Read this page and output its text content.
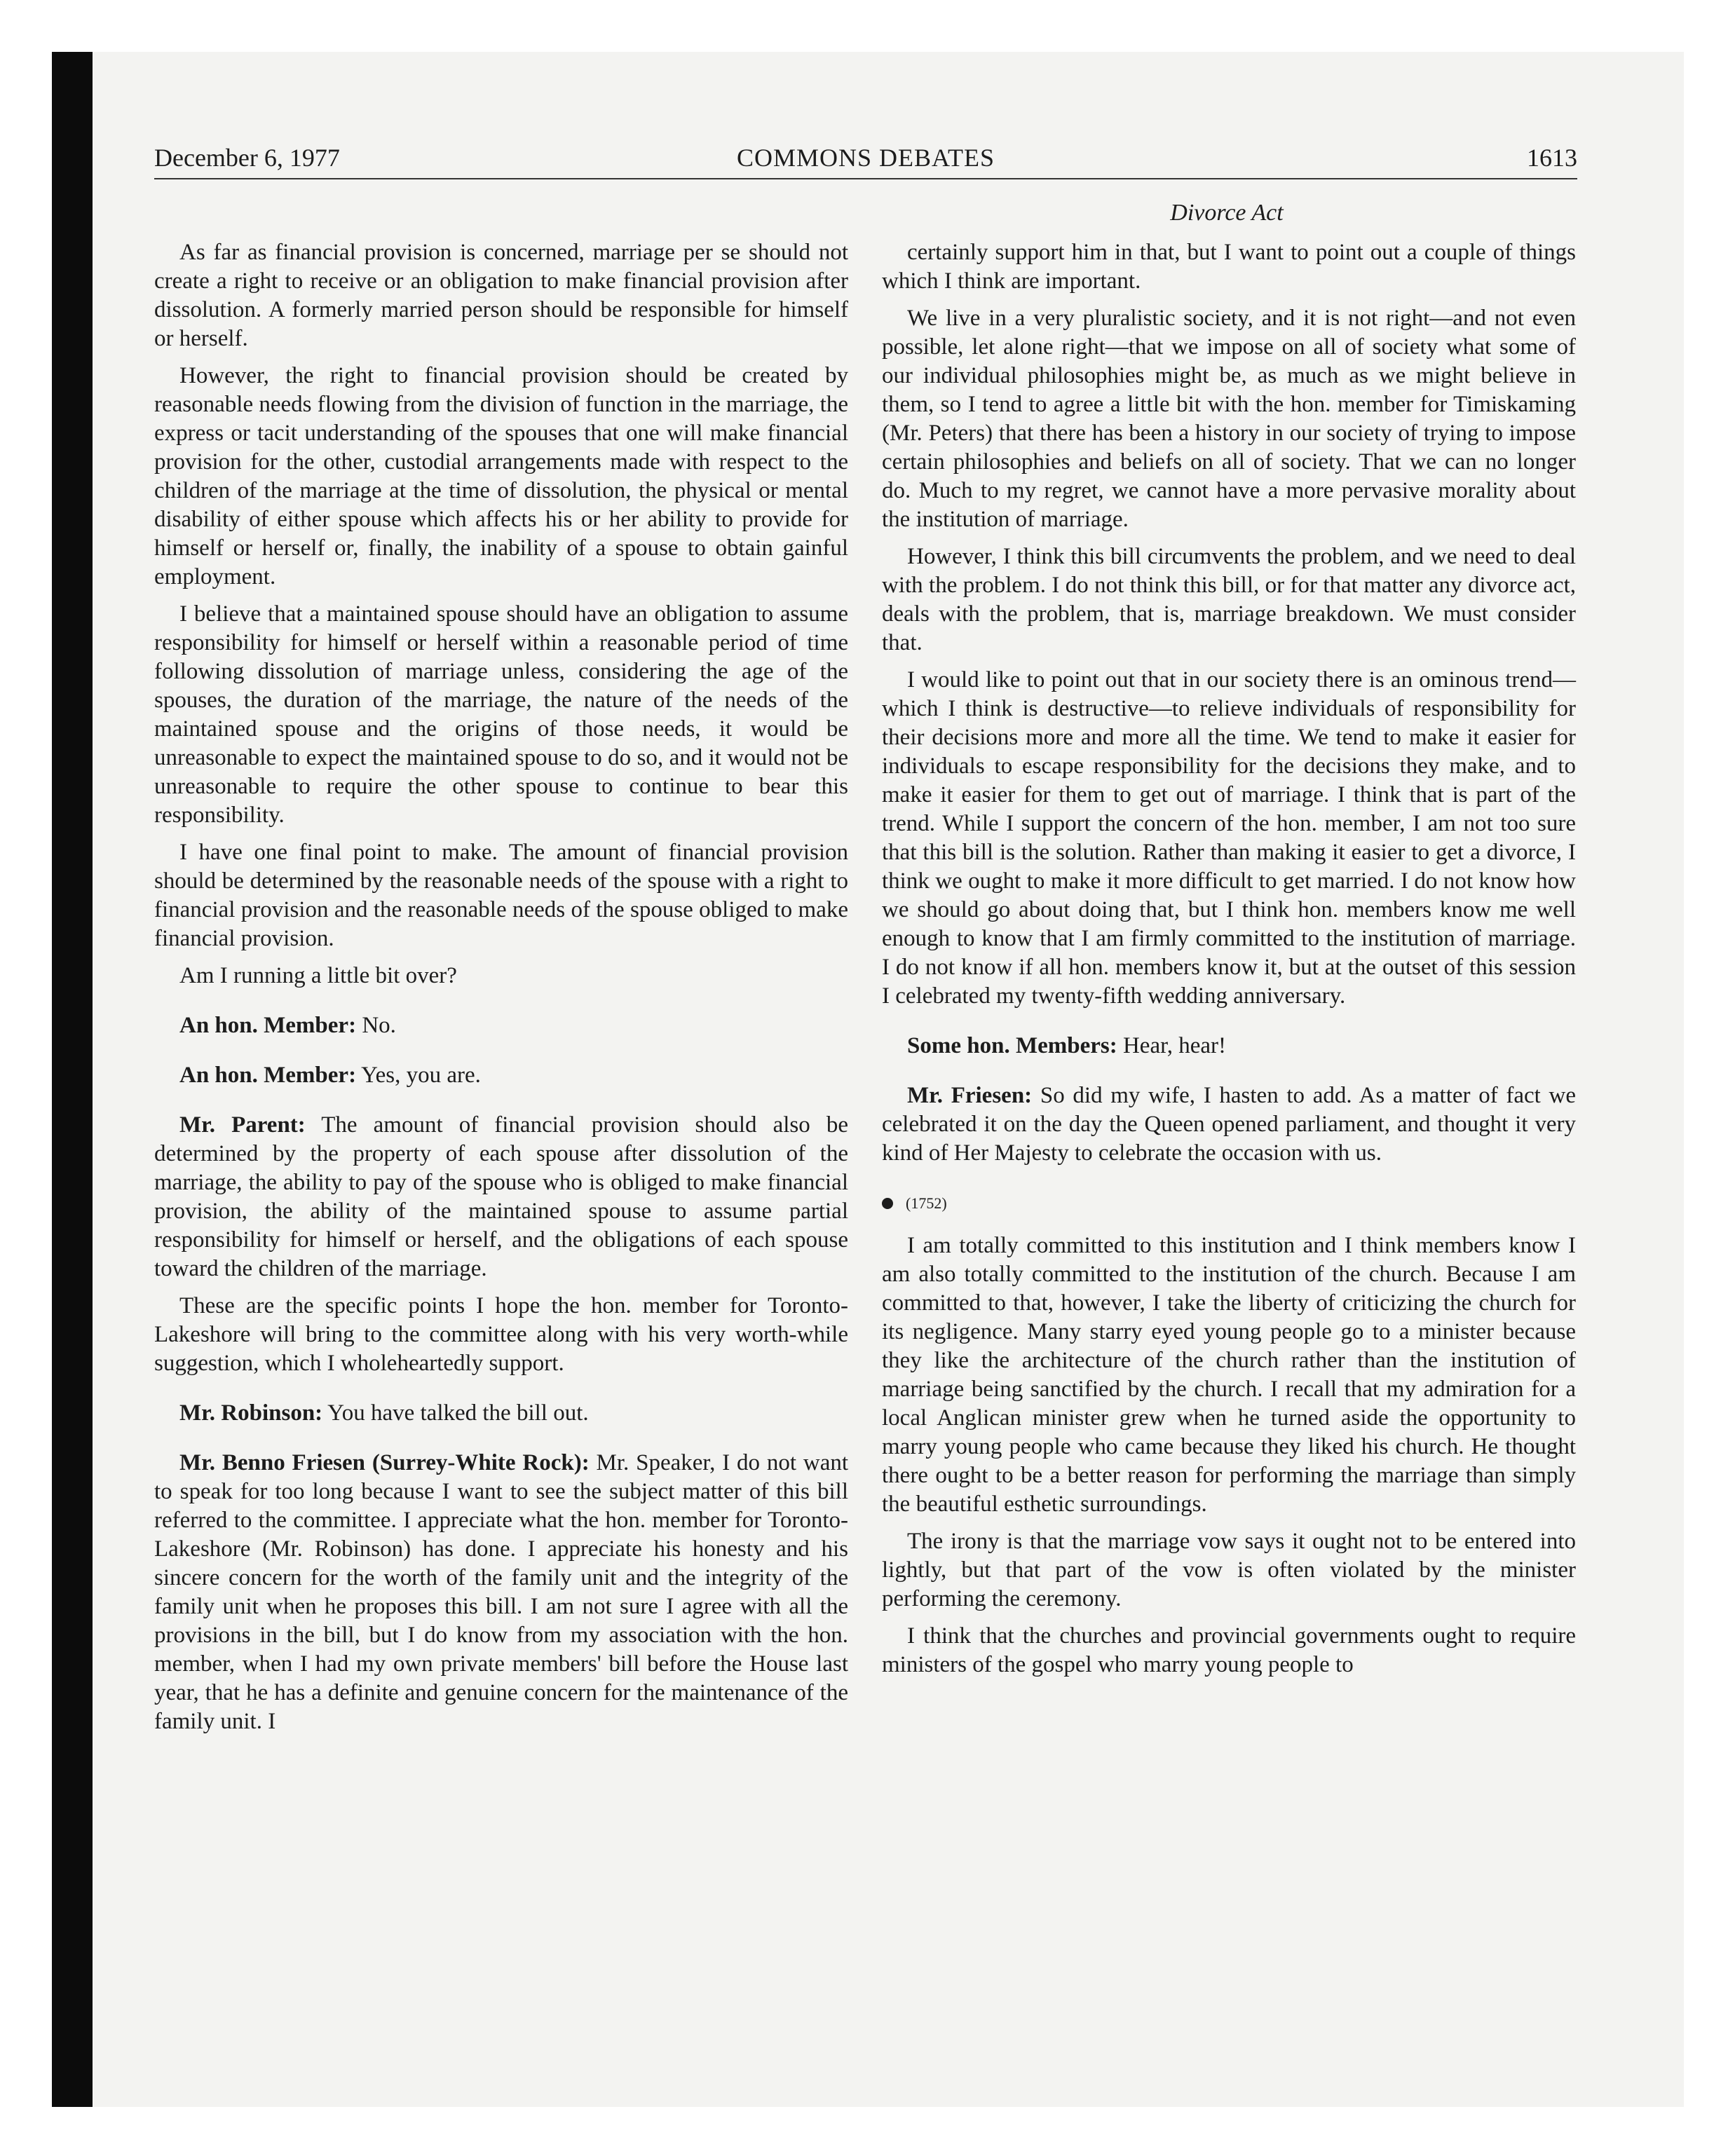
December 6, 1977	COMMONS DEBATES	1613
Divorce Act

As far as financial provision is concerned, marriage per se should not create a right to receive or an obligation to make financial provision after dissolution. A formerly married person should be responsible for himself or herself.

However, the right to financial provision should be created by reasonable needs flowing from the division of function in the marriage, the express or tacit understanding of the spouses that one will make financial provision for the other, custodial arrangements made with respect to the children of the marriage at the time of dissolution, the physical or mental disability of either spouse which affects his or her ability to provide for himself or herself or, finally, the inability of a spouse to obtain gainful employment.

I believe that a maintained spouse should have an obligation to assume responsibility for himself or herself within a reasonable period of time following dissolution of marriage unless, considering the age of the spouses, the duration of the marriage, the nature of the needs of the maintained spouse and the origins of those needs, it would be unreasonable to expect the maintained spouse to do so, and it would not be unreasonable to require the other spouse to continue to bear this responsibility.

I have one final point to make. The amount of financial provision should be determined by the reasonable needs of the spouse with a right to financial provision and the reasonable needs of the spouse obliged to make financial provision.

Am I running a little bit over?

An hon. Member: No.

An hon. Member: Yes, you are.

Mr. Parent: The amount of financial provision should also be determined by the property of each spouse after dissolution of the marriage, the ability to pay of the spouse who is obliged to make financial provision, the ability of the maintained spouse to assume partial responsibility for himself or herself, and the obligations of each spouse toward the children of the marriage.

These are the specific points I hope the hon. member for Toronto-Lakeshore will bring to the committee along with his very worth-while suggestion, which I wholeheartedly support.

Mr. Robinson: You have talked the bill out.

Mr. Benno Friesen (Surrey-White Rock): Mr. Speaker, I do not want to speak for too long because I want to see the subject matter of this bill referred to the committee. I appreciate what the hon. member for Toronto-Lakeshore (Mr. Robinson) has done. I appreciate his honesty and his sincere concern for the worth of the family unit and the integrity of the family unit when he proposes this bill. I am not sure I agree with all the provisions in the bill, but I do know from my association with the hon. member, when I had my own private members' bill before the House last year, that he has a definite and genuine concern for the maintenance of the family unit. I

certainly support him in that, but I want to point out a couple of things which I think are important.

We live in a very pluralistic society, and it is not right—and not even possible, let alone right—that we impose on all of society what some of our individual philosophies might be, as much as we might believe in them, so I tend to agree a little bit with the hon. member for Timiskaming (Mr. Peters) that there has been a history in our society of trying to impose certain philosophies and beliefs on all of society. That we can no longer do. Much to my regret, we cannot have a more pervasive morality about the institution of marriage.

However, I think this bill circumvents the problem, and we need to deal with the problem. I do not think this bill, or for that matter any divorce act, deals with the problem, that is, marriage breakdown. We must consider that.

I would like to point out that in our society there is an ominous trend—which I think is destructive—to relieve individuals of responsibility for their decisions more and more all the time. We tend to make it easier for individuals to escape responsibility for the decisions they make, and to make it easier for them to get out of marriage. I think that is part of the trend. While I support the concern of the hon. member, I am not too sure that this bill is the solution. Rather than making it easier to get a divorce, I think we ought to make it more difficult to get married. I do not know how we should go about doing that, but I think hon. members know me well enough to know that I am firmly committed to the institution of marriage. I do not know if all hon. members know it, but at the outset of this session I celebrated my twenty-fifth wedding anniversary.

Some hon. Members: Hear, hear!

Mr. Friesen: So did my wife, I hasten to add. As a matter of fact we celebrated it on the day the Queen opened parliament, and thought it very kind of Her Majesty to celebrate the occasion with us.

(1752)

I am totally committed to this institution and I think members know I am also totally committed to the institution of the church. Because I am committed to that, however, I take the liberty of criticizing the church for its negligence. Many starry eyed young people go to a minister because they like the architecture of the church rather than the institution of marriage being sanctified by the church. I recall that my admiration for a local Anglican minister grew when he turned aside the opportunity to marry young people who came because they liked his church. He thought there ought to be a better reason for performing the marriage than simply the beautiful esthetic surroundings.

The irony is that the marriage vow says it ought not to be entered into lightly, but that part of the vow is often violated by the minister performing the ceremony.

I think that the churches and provincial governments ought to require ministers of the gospel who marry young people to
